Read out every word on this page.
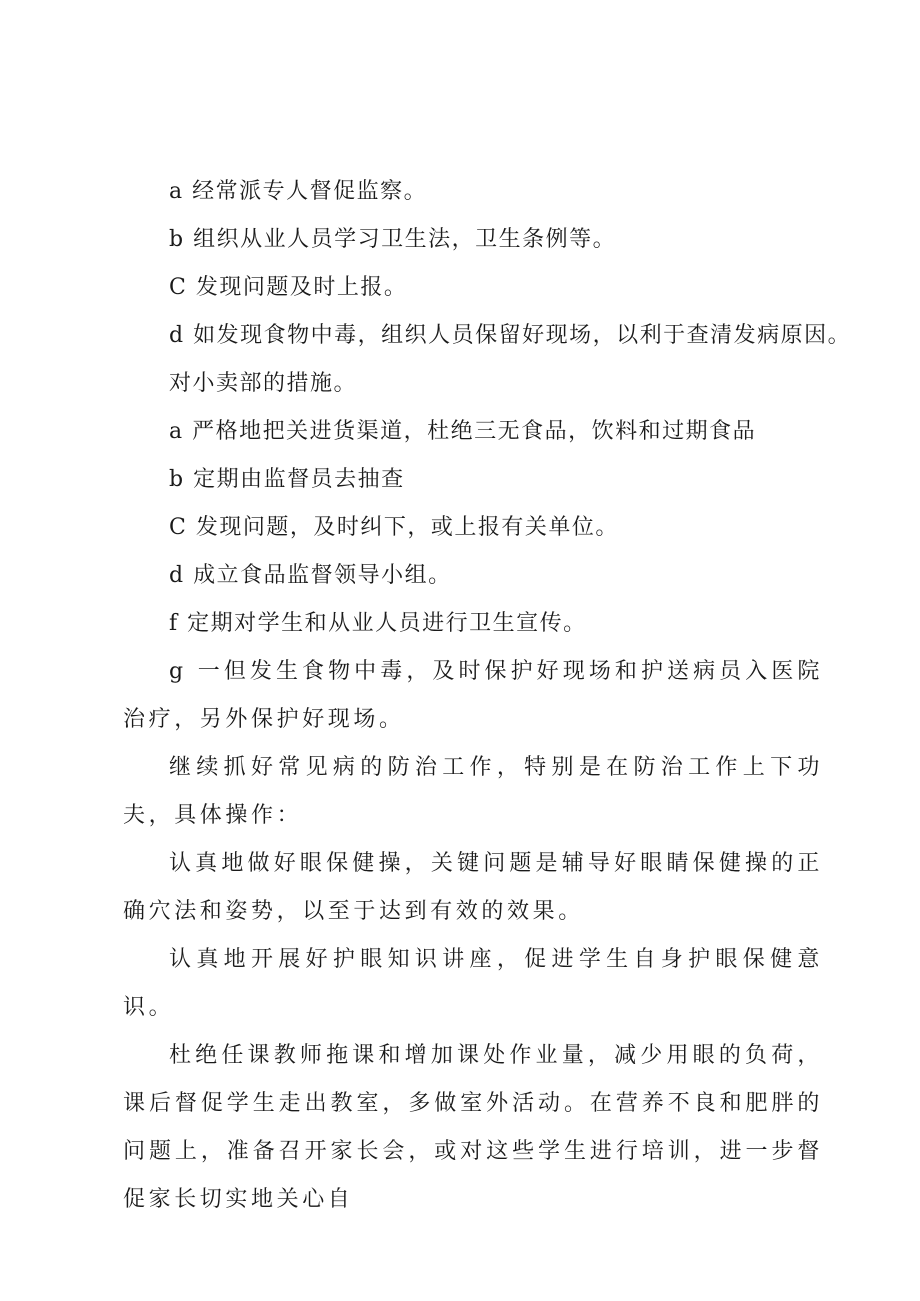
a 经常派专人督促监察。
b 组织从业人员学习卫生法，卫生条例等。
C 发现问题及时上报。
d 如发现食物中毒，组织人员保留好现场，以利于查清发病原因。
对小卖部的措施。
a 严格地把关进货渠道，杜绝三无食品，饮料和过期食品
b 定期由监督员去抽查
C 发现问题，及时纠下，或上报有关单位。
d 成立食品监督领导小组。
f 定期对学生和从业人员进行卫生宣传。
g 一但发生食物中毒，及时保护好现场和护送病员入医院治疗，另外保护好现场。
继续抓好常见病的防治工作，特别是在防治工作上下功夫，具体操作：
认真地做好眼保健操，关键问题是辅导好眼睛保健操的正确穴法和姿势，以至于达到有效的效果。
认真地开展好护眼知识讲座，促进学生自身护眼保健意识。
杜绝任课教师拖课和增加课处作业量，减少用眼的负荷，课后督促学生走出教室，多做室外活动。在营养不良和肥胖的问题上，准备召开家长会，或对这些学生进行培训，进一步督促家长切实地关心自
